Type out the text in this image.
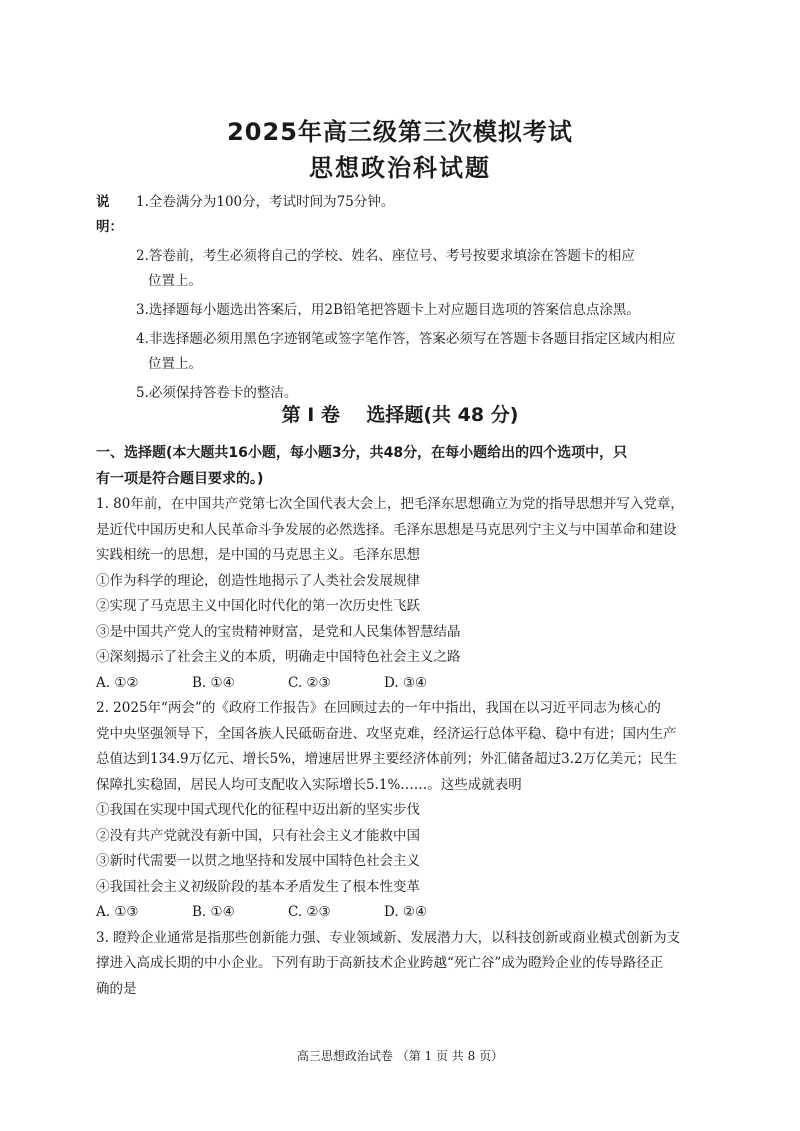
2025年高三级第三次模拟考试
思想政治科试题
说明：
1.全卷满分为100分，考试时间为75分钟。
2.答卷前，考生必须将自己的学校、姓名、座位号、考号按要求填涂在答题卡的相应
位置上。
3.选择题每小题选出答案后，用2B铅笔把答题卡上对应题目选项的答案信息点涂黑。
4.非选择题必须用黑色字迹钢笔或签字笔作答，答案必须写在答题卡各题目指定区域内相应
位置上。
5.必须保持答卷卡的整洁。
第 I 卷    选择题(共 48 分)
一、选择题(本大题共16小题，每小题3分，共48分，在每小题给出的四个选项中，只
有一项是符合题目要求的。)
1. 80年前，在中国共产党第七次全国代表大会上，把毛泽东思想确立为党的指导思想并写入党章，
是近代中国历史和人民革命斗争发展的必然选择。毛泽东思想是马克思列宁主义与中国革命和建设
实践相统一的思想，是中国的马克思主义。毛泽东思想
①作为科学的理论，创造性地揭示了人类社会发展规律
②实现了马克思主义中国化时代化的第一次历史性飞跃
③是中国共产党人的宝贵精神财富，是党和人民集体智慧结晶
④深刻揭示了社会主义的本质，明确走中国特色社会主义之路
A. ①②	B. ①④	C. ②③	D. ③④
2. 2025年“两会”的《政府工作报告》在回顾过去的一年中指出，我国在以习近平同志为核心的
党中央坚强领导下，全国各族人民砥砺奋进、攻坚克难，经济运行总体平稳、稳中有进；国内生产
总值达到134.9万亿元、增长5%，增速居世界主要经济体前列；外汇储备超过3.2万亿美元；民生
保障扎实稳固，居民人均可支配收入实际增长5.1%……。这些成就表明
①我国在实现中国式现代化的征程中迈出新的坚实步伐
②没有共产党就没有新中国，只有社会主义才能救中国
③新时代需要一以贯之地坚持和发展中国特色社会主义
④我国社会主义初级阶段的基本矛盾发生了根本性变革
A. ①③	B. ①④	C. ②③	D. ②④
3. 瞪羚企业通常是指那些创新能力强、专业领域新、发展潜力大，以科技创新或商业模式创新为支
撑进入高成长期的中小企业。下列有助于高新技术企业跨越“死亡谷”成为瞪羚企业的传导路径正
确的是
高三思想政治试卷 （第 1 页 共 8 页）
